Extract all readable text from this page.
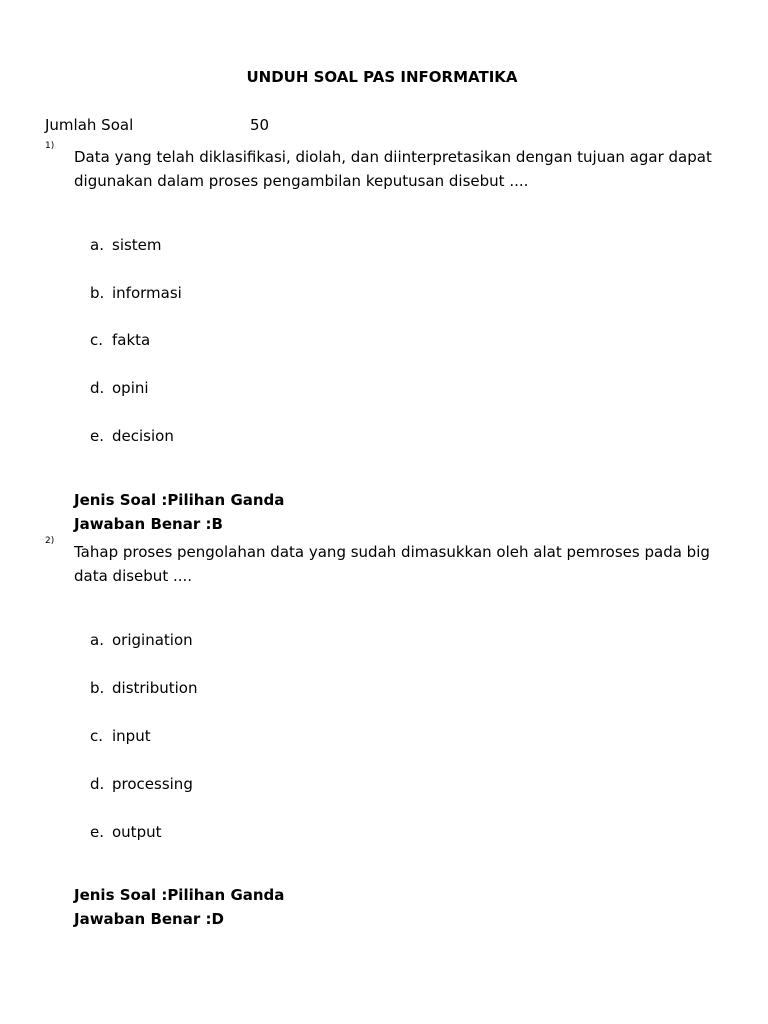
UNDUH SOAL PAS INFORMATIKA
Jumlah Soal	50
1)
Data yang telah diklasifikasi, diolah, dan diinterpretasikan dengan tujuan agar dapat digunakan dalam proses pengambilan keputusan disebut ....
a. sistem
b. informasi
c. fakta
d. opini
e. decision
Jenis Soal :Pilihan Ganda
Jawaban Benar :B
2)
Tahap proses pengolahan data yang sudah dimasukkan oleh alat pemroses pada big data disebut ....
a. origination
b. distribution
c. input
d. processing
e. output
Jenis Soal :Pilihan Ganda
Jawaban Benar :D
